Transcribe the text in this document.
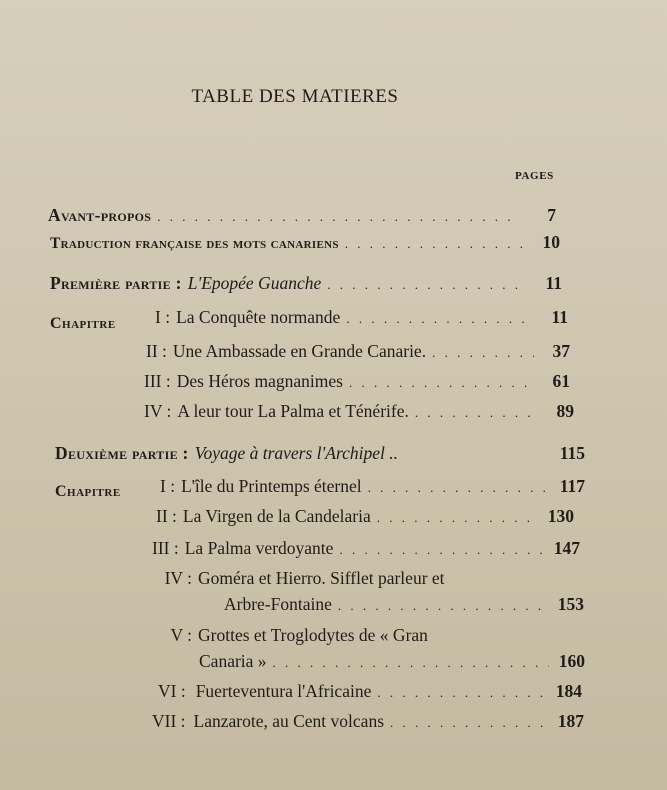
TABLE DES MATIERES
PAGES
Avant-propos . . .	7
Traduction française des mots canariens . . .	10
Première partie : L'Epopée Guanche . . .	11
Chapitre I : La Conquête normande . . .	11
II : Une Ambassade en Grande Canarie. . . .	37
III : Des Héros magnanimes . . .	61
IV : A leur tour La Palma et Ténérife. . . .	89
Deuxième partie : Voyage à travers l'Archipel ..	115
Chapitre I : L'île du Printemps éternel . . .	117
II : La Virgen de la Candelaria . . .	130
III : La Palma verdoyante . . .	147
IV : Goméra et Hierro. Sifflet parleur et
Arbre-Fontaine . . .	153
V : Grottes et Troglodytes de « Gran
Canaria » . . .	160
VI : Fuerteventura l'Africaine . . .	184
VII : Lanzarote, au Cent volcans . . .	187
